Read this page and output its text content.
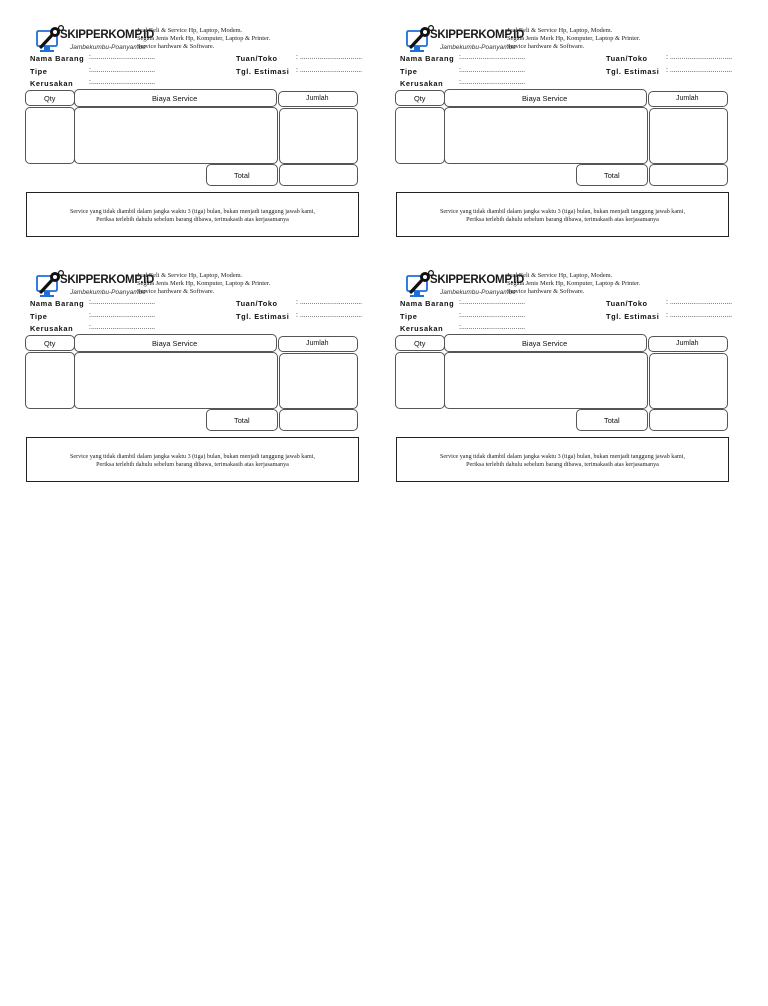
SKIPPERKOMP.ID
Jambekumbu-Poanyambe
Jual Beli & Service Hp, Laptop, Modem.
Segala Jenis Merk Hp, Komputer, Laptop & Printer.
Service hardware & Software.
Nama Barang :.................................
Tipe	:.................................
Kerusakan :.................................
Tuan/Toko	: ................................
Tgl. Estimasi : ................................
Qty	Biaya Service	Jumlah
Total
Service yang tidak diambil dalam jangka waktu 3 (tiga) bulan, bukan menjadi tanggung jawab kami,
Periksa terlebih dahulu sebelum barang dibawa, terimakasih atas kerjasamanya
SKIPPERKOMP.ID
Jambekumbu-Poanyambe
Jual Beli & Service Hp, Laptop, Modem.
Segala Jenis Merk Hp, Komputer, Laptop & Printer.
Service hardware & Software.
Nama Barang :.................................
Tipe	:.................................
Kerusakan :.................................
Tuan/Toko	: ................................
Tgl. Estimasi : ................................
Qty	Biaya Service	Jumlah
Total
Service yang tidak diambil dalam jangka waktu 3 (tiga) bulan, bukan menjadi tanggung jawab kami,
Periksa terlebih dahulu sebelum barang dibawa, terimakasih atas kerjasamanya
SKIPPERKOMP.ID
Jambekumbu-Poanyambe
Jual Beli & Service Hp, Laptop, Modem.
Segala Jenis Merk Hp, Komputer, Laptop & Printer.
Service hardware & Software.
Nama Barang :.................................
Tipe	:.................................
Kerusakan :.................................
Tuan/Toko	: ................................
Tgl. Estimasi : ................................
Qty	Biaya Service	Jumlah
Total
Service yang tidak diambil dalam jangka waktu 3 (tiga) bulan, bukan menjadi tanggung jawab kami,
Periksa terlebih dahulu sebelum barang dibawa, terimakasih atas kerjasamanya
SKIPPERKOMP.ID
Jambekumbu-Poanyambe
Jual Beli & Service Hp, Laptop, Modem.
Segala Jenis Merk Hp, Komputer, Laptop & Printer.
Service hardware & Software.
Nama Barang :.................................
Tipe	:.................................
Kerusakan :.................................
Tuan/Toko	: ................................
Tgl. Estimasi : ................................
Qty	Biaya Service	Jumlah
Total
Service yang tidak diambil dalam jangka waktu 3 (tiga) bulan, bukan menjadi tanggung jawab kami,
Periksa terlebih dahulu sebelum barang dibawa, terimakasih atas kerjasamanya
